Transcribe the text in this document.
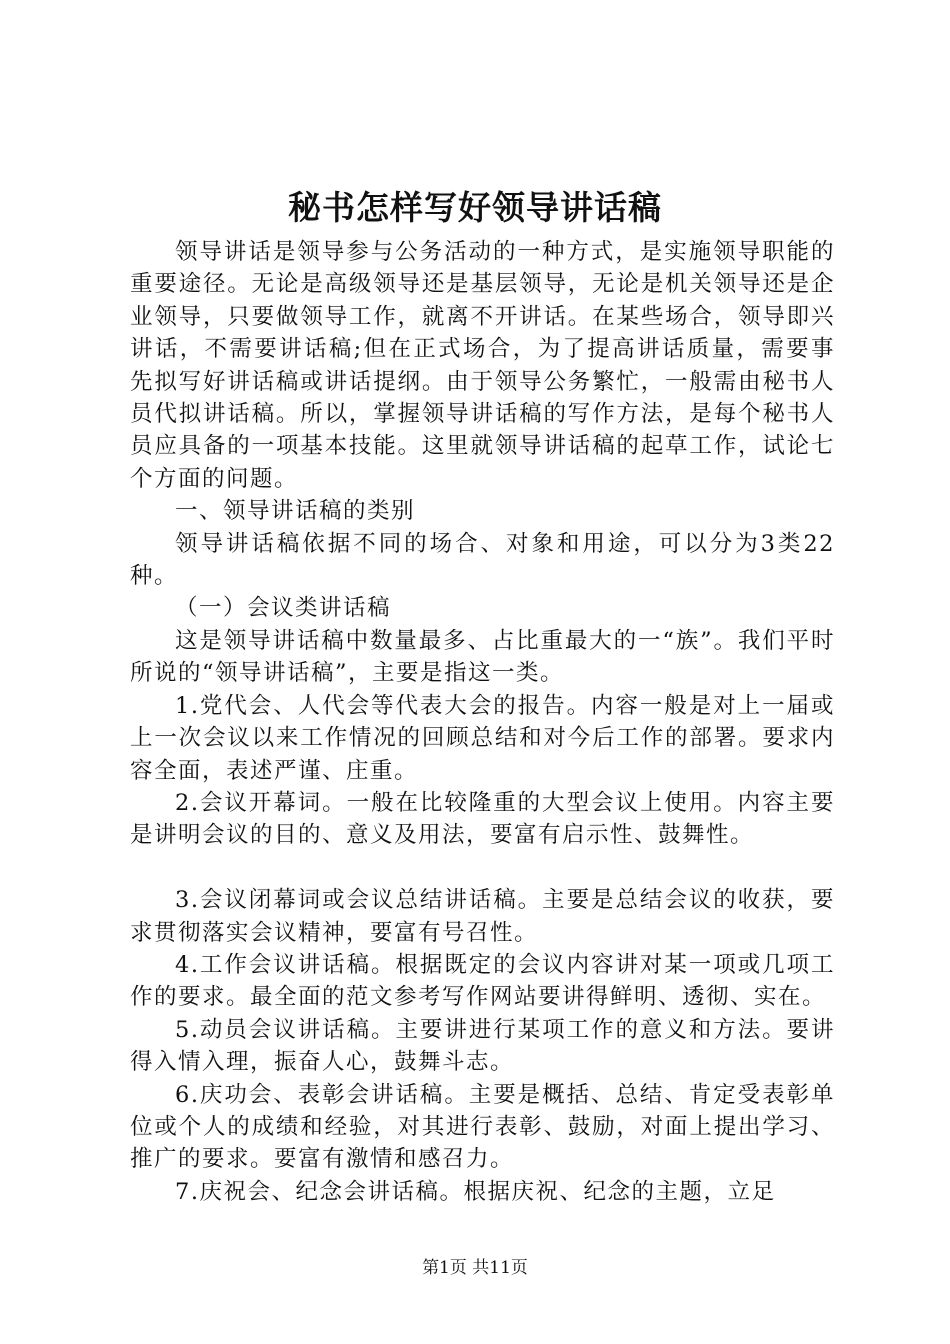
秘书怎样写好领导讲话稿

领导讲话是领导参与公务活动的一种方式，是实施领导职能的重要途径。无论是高级领导还是基层领导，无论是机关领导还是企业领导，只要做领导工作，就离不开讲话。在某些场合，领导即兴讲话，不需要讲话稿;但在正式场合，为了提高讲话质量，需要事先拟写好讲话稿或讲话提纲。由于领导公务繁忙，一般需由秘书人员代拟讲话稿。所以，掌握领导讲话稿的写作方法，是每个秘书人员应具备的一项基本技能。这里就领导讲话稿的起草工作，试论七个方面的问题。

一、领导讲话稿的类别

领导讲话稿依据不同的场合、对象和用途，可以分为3类22种。

（一）会议类讲话稿

这是领导讲话稿中数量最多、占比重最大的一“族”。我们平时所说的“领导讲话稿”，主要是指这一类。

1.党代会、人代会等代表大会的报告。内容一般是对上一届或上一次会议以来工作情况的回顾总结和对今后工作的部署。要求内容全面，表述严谨、庄重。

2.会议开幕词。一般在比较隆重的大型会议上使用。内容主要是讲明会议的目的、意义及用法，要富有启示性、鼓舞性。

3.会议闭幕词或会议总结讲话稿。主要是总结会议的收获，要求贯彻落实会议精神，要富有号召性。

4.工作会议讲话稿。根据既定的会议内容讲对某一项或几项工作的要求。最全面的范文参考写作网站要讲得鲜明、透彻、实在。

5.动员会议讲话稿。主要讲进行某项工作的意义和方法。要讲得入情入理，振奋人心，鼓舞斗志。

6.庆功会、表彰会讲话稿。主要是概括、总结、肯定受表彰单位或个人的成绩和经验，对其进行表彰、鼓励，对面上提出学习、推广的要求。要富有激情和感召力。

7.庆祝会、纪念会讲话稿。根据庆祝、纪念的主题，立足

第1页 共11页
